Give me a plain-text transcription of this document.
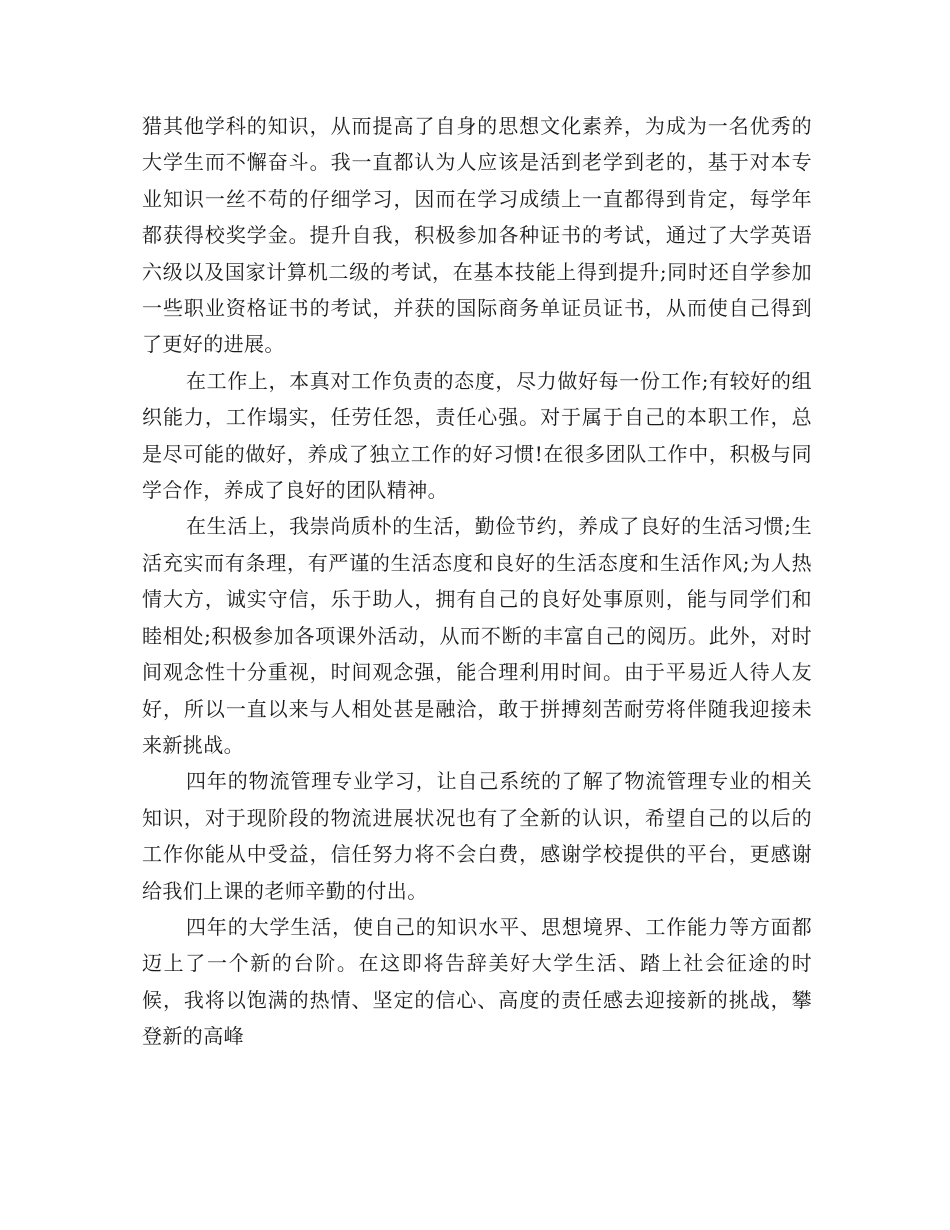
猎其他学科的知识，从而提高了自身的思想文化素养，为成为一名优秀的大学生而不懈奋斗。我一直都认为人应该是活到老学到老的，基于对本专业知识一丝不苟的仔细学习，因而在学习成绩上一直都得到肯定，每学年都获得校奖学金。提升自我，积极参加各种证书的考试，通过了大学英语六级以及国家计算机二级的考试，在基本技能上得到提升;同时还自学参加一些职业资格证书的考试，并获的国际商务单证员证书，从而使自己得到了更好的进展。

在工作上，本真对工作负责的态度，尽力做好每一份工作;有较好的组织能力，工作塌实，任劳任怨，责任心强。对于属于自己的本职工作，总是尽可能的做好，养成了独立工作的好习惯!在很多团队工作中，积极与同学合作，养成了良好的团队精神。

在生活上，我崇尚质朴的生活，勤俭节约，养成了良好的生活习惯;生活充实而有条理，有严谨的生活态度和良好的生活态度和生活作风;为人热情大方，诚实守信，乐于助人，拥有自己的良好处事原则，能与同学们和睦相处;积极参加各项课外活动，从而不断的丰富自己的阅历。此外，对时间观念性十分重视，时间观念强，能合理利用时间。由于平易近人待人友好，所以一直以来与人相处甚是融洽，敢于拼搏刻苦耐劳将伴随我迎接未来新挑战。

四年的物流管理专业学习，让自己系统的了解了物流管理专业的相关知识，对于现阶段的物流进展状况也有了全新的认识，希望自己的以后的工作你能从中受益，信任努力将不会白费，感谢学校提供的平台，更感谢给我们上课的老师辛勤的付出。

四年的大学生活，使自己的知识水平、思想境界、工作能力等方面都迈上了一个新的台阶。在这即将告辞美好大学生活、踏上社会征途的时候，我将以饱满的热情、坚定的信心、高度的责任感去迎接新的挑战，攀登新的高峰
